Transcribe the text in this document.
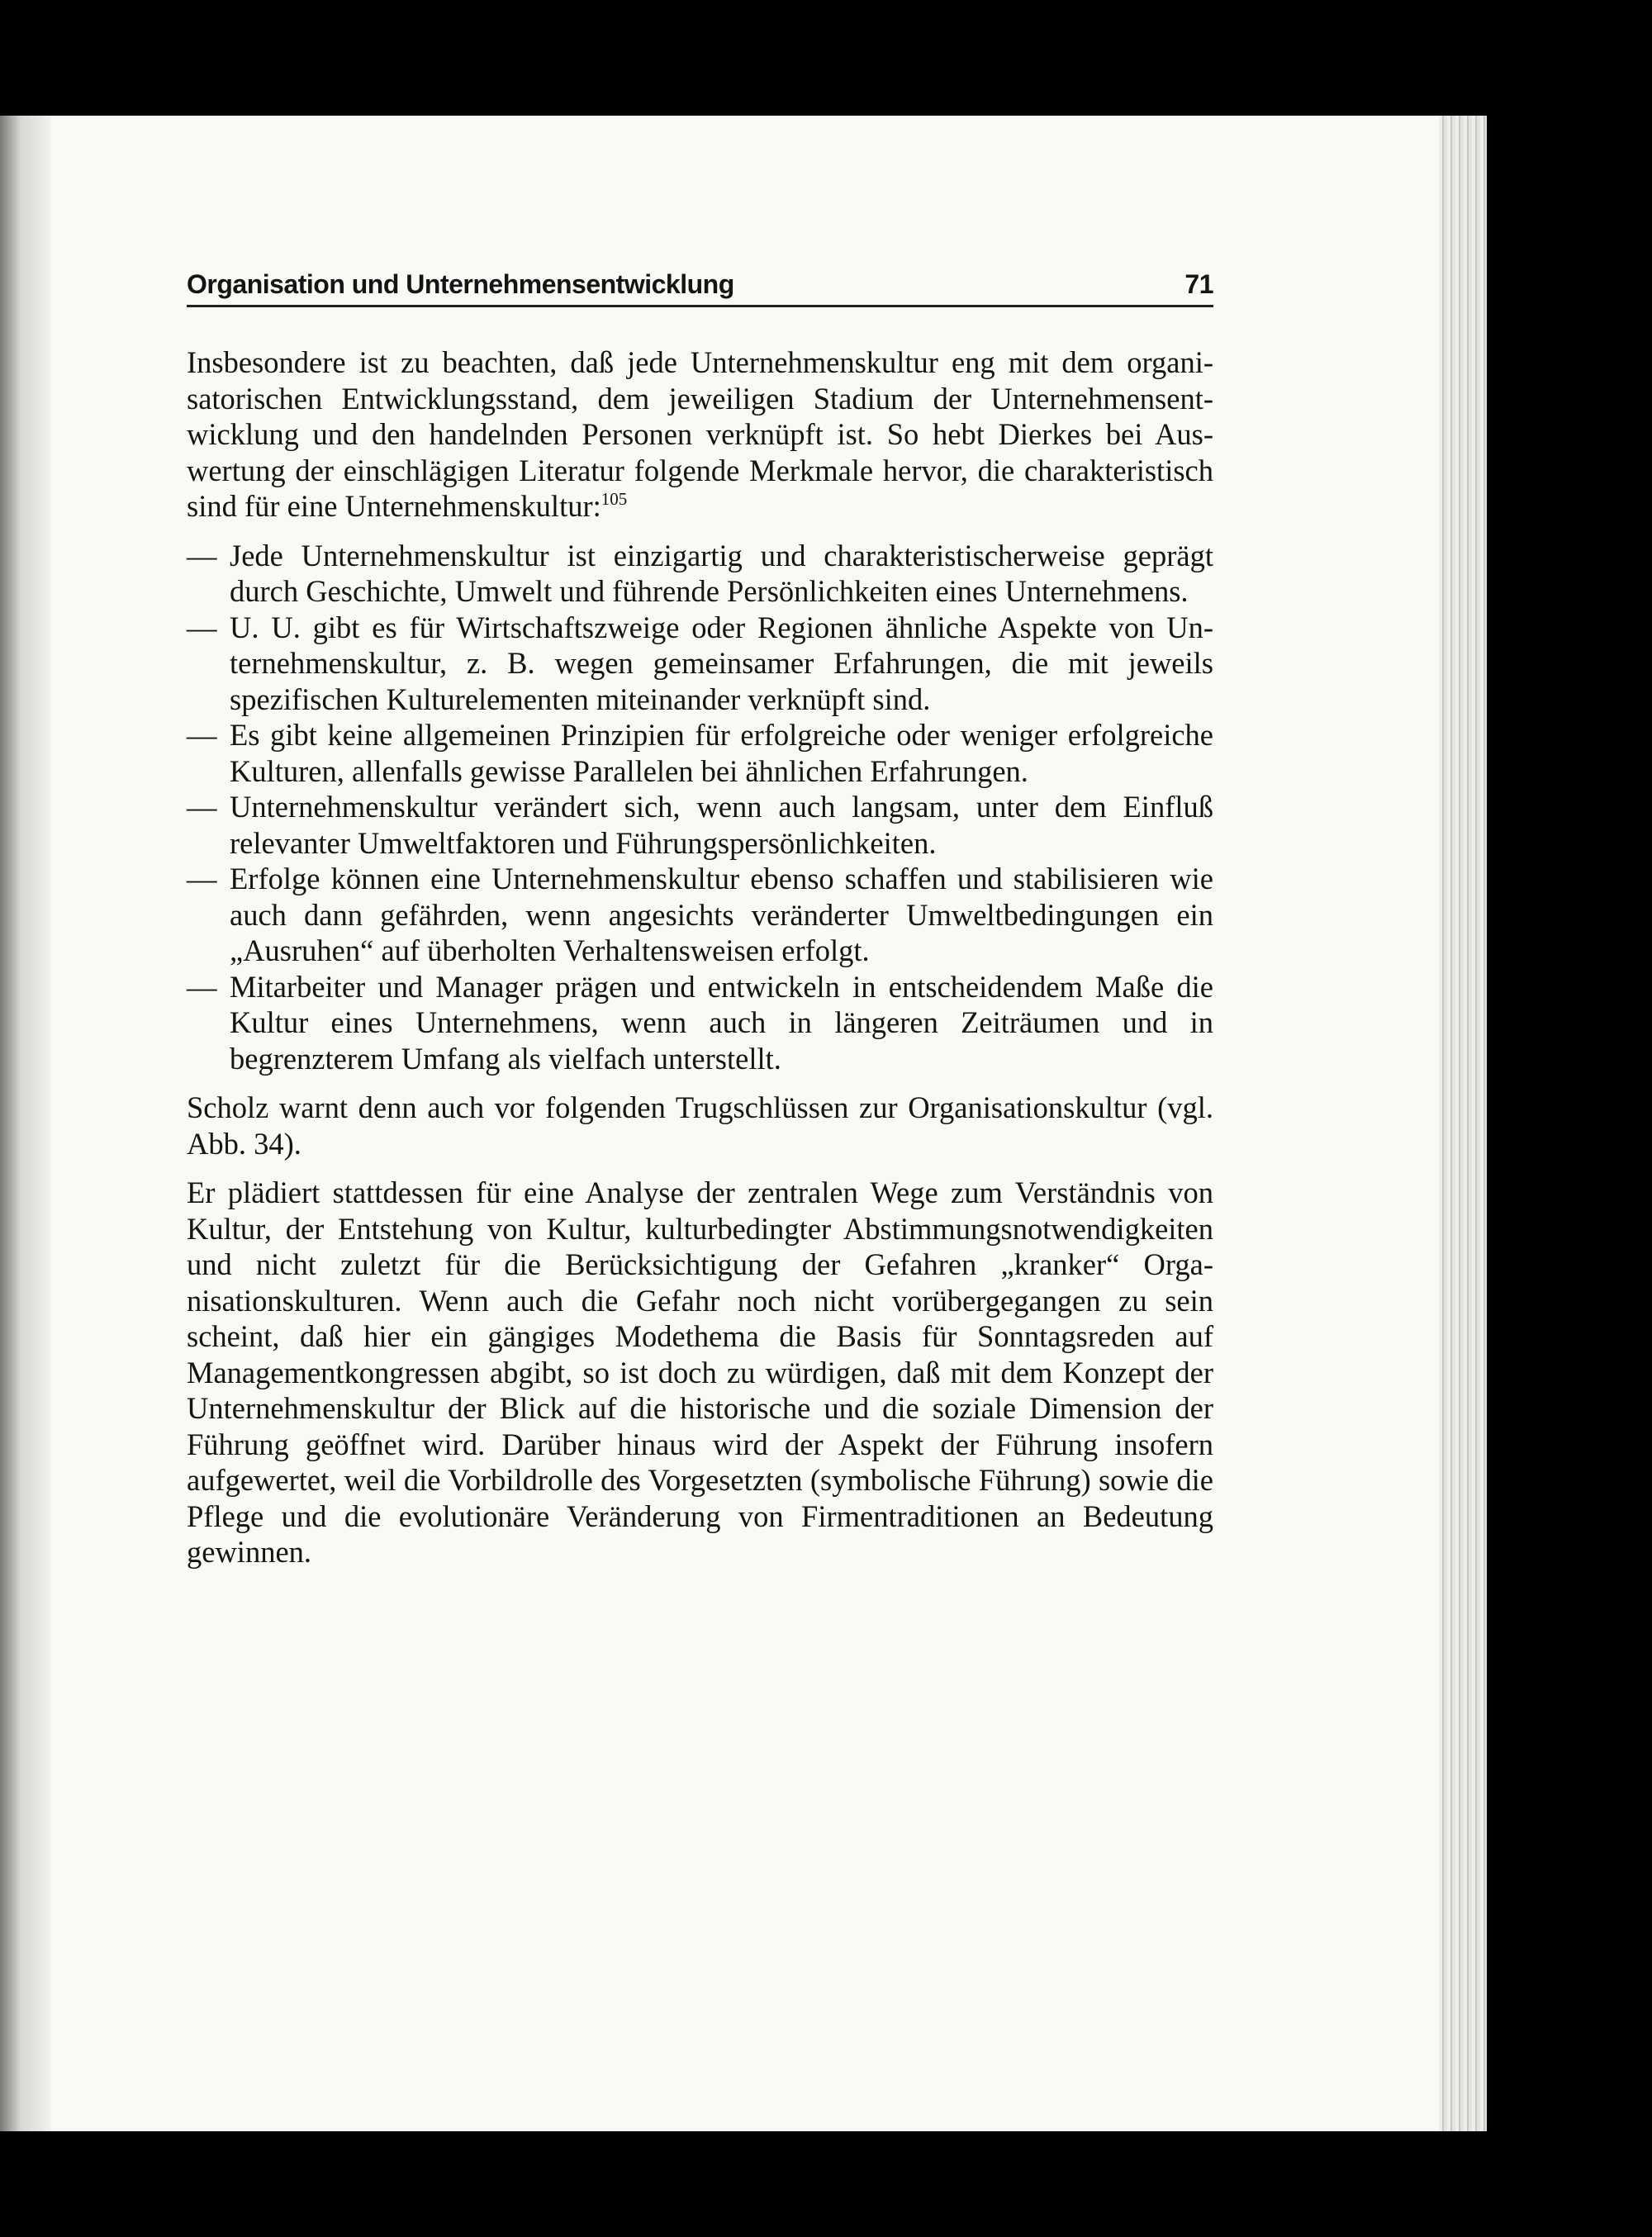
Organisation und Unternehmensentwicklung	71

Insbesondere ist zu beachten, daß jede Unternehmenskultur eng mit dem organisatorischen Entwicklungsstand, dem jeweiligen Stadium der Unternehmensentwicklung und den handelnden Personen verknüpft ist. So hebt Dierkes bei Auswertung der einschlägigen Literatur folgende Merkmale hervor, die charakteristisch sind für eine Unternehmenskultur:$^{105}$

— Jede Unternehmenskultur ist einzigartig und charakteristischerweise geprägt durch Geschichte, Umwelt und führende Persönlichkeiten eines Unternehmens.
— U. U. gibt es für Wirtschaftszweige oder Regionen ähnliche Aspekte von Unternehmenskultur, z. B. wegen gemeinsamer Erfahrungen, die mit jeweils spezifischen Kulturelementen miteinander verknüpft sind.
— Es gibt keine allgemeinen Prinzipien für erfolgreiche oder weniger erfolgreiche Kulturen, allenfalls gewisse Parallelen bei ähnlichen Erfahrungen.
— Unternehmenskultur verändert sich, wenn auch langsam, unter dem Einfluß relevanter Umweltfaktoren und Führungspersönlichkeiten.
— Erfolge können eine Unternehmenskultur ebenso schaffen und stabilisieren wie auch dann gefährden, wenn angesichts veränderter Umweltbedingungen ein „Ausruhen“ auf überholten Verhaltensweisen erfolgt.
— Mitarbeiter und Manager prägen und entwickeln in entscheidendem Maße die Kultur eines Unternehmens, wenn auch in längeren Zeiträumen und in begrenzterem Umfang als vielfach unterstellt.

Scholz warnt denn auch vor folgenden Trugschlüssen zur Organisationskultur (vgl. Abb. 34).

Er plädiert stattdessen für eine Analyse der zentralen Wege zum Verständnis von Kultur, der Entstehung von Kultur, kulturbedingter Abstimmungsnotwendigkeiten und nicht zuletzt für die Berücksichtigung der Gefahren „kranker“ Organisationskulturen. Wenn auch die Gefahr noch nicht vorübergegangen zu sein scheint, daß hier ein gängiges Modethema die Basis für Sonntagsreden auf Managementkongressen abgibt, so ist doch zu würdigen, daß mit dem Konzept der Unternehmenskultur der Blick auf die historische und die soziale Dimension der Führung geöffnet wird. Darüber hinaus wird der Aspekt der Führung insofern aufgewertet, weil die Vorbildrolle des Vorgesetzten (symbolische Führung) sowie die Pflege und die evolutionäre Veränderung von Firmentraditionen an Bedeutung gewinnen.
